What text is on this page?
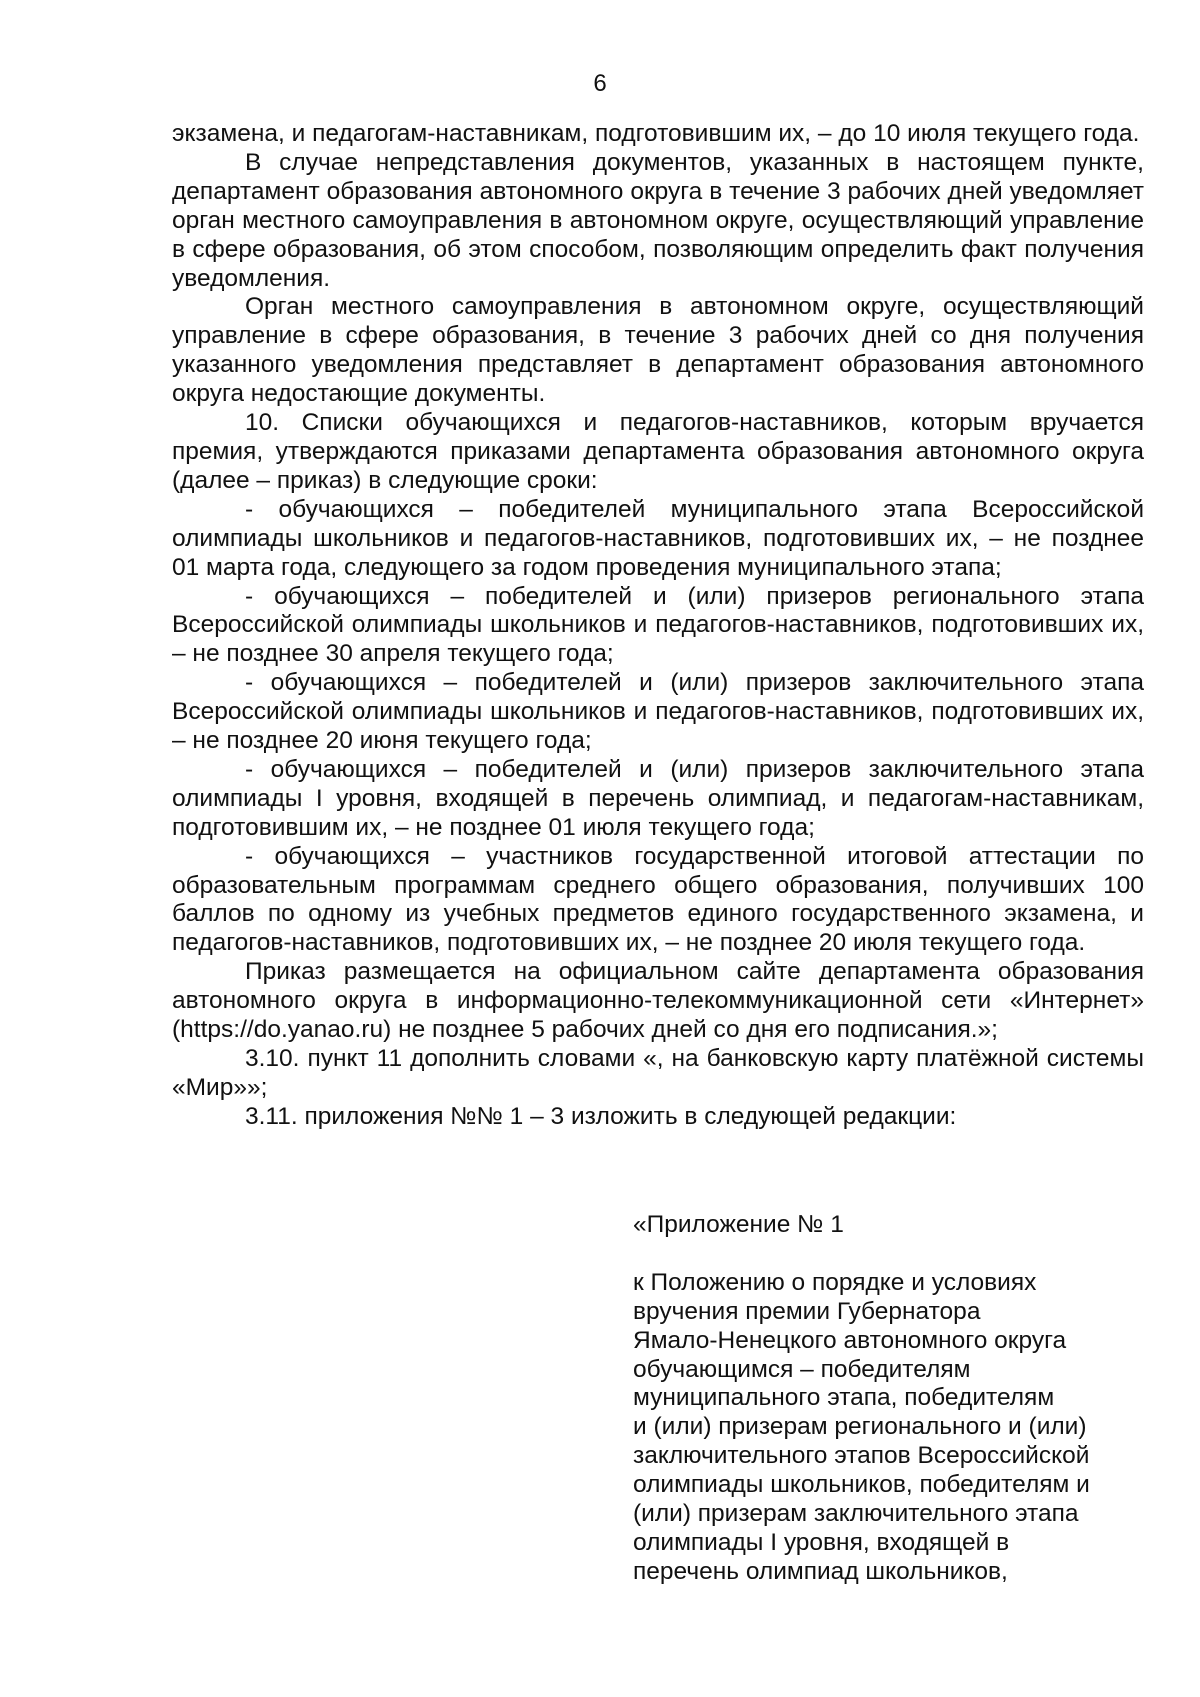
6

экзамена, и педагогам-наставникам, подготовившим их, – до 10 июля текущего года.

В случае непредставления документов, указанных в настоящем пункте, департамент образования автономного округа в течение 3 рабочих дней уведомляет орган местного самоуправления в автономном округе, осуществляющий управление в сфере образования, об этом способом, позволяющим определить факт получения уведомления.

Орган местного самоуправления в автономном округе, осуществляющий управление в сфере образования, в течение 3 рабочих дней со дня получения указанного уведомления представляет в департамент образования автономного округа недостающие документы.

10. Списки обучающихся и педагогов-наставников, которым вручается премия, утверждаются приказами департамента образования автономного округа (далее – приказ) в следующие сроки:

- обучающихся – победителей муниципального этапа Всероссийской олимпиады школьников и педагогов-наставников, подготовивших их, – не позднее 01 марта года, следующего за годом проведения муниципального этапа;

- обучающихся – победителей и (или) призеров регионального этапа Всероссийской олимпиады школьников и педагогов-наставников, подготовивших их, – не позднее 30 апреля текущего года;

- обучающихся – победителей и (или) призеров заключительного этапа Всероссийской олимпиады школьников и педагогов-наставников, подготовивших их, – не позднее 20 июня текущего года;

- обучающихся – победителей и (или) призеров заключительного этапа олимпиады I уровня, входящей в перечень олимпиад, и педагогам-наставникам, подготовившим их, – не позднее 01 июля текущего года;

- обучающихся – участников государственной итоговой аттестации по образовательным программам среднего общего образования, получивших 100 баллов по одному из учебных предметов единого государственного экзамена, и педагогов-наставников, подготовивших их, – не позднее 20 июля текущего года.

Приказ размещается на официальном сайте департамента образования автономного округа в информационно-телекоммуникационной сети «Интернет» (https://do.yanao.ru) не позднее 5 рабочих дней со дня его подписания.»;

3.10. пункт 11 дополнить словами «, на банковскую карту платёжной системы «Мир»»;

3.11. приложения №№ 1 – 3 изложить в следующей редакции:

«Приложение № 1

к Положению о порядке и условиях

вручения премии Губернатора

Ямало-Ненецкого автономного округа

обучающимся – победителям

муниципального этапа, победителям

и (или) призерам регионального и (или)

заключительного этапов Всероссийской

олимпиады школьников, победителям и

(или) призерам заключительного этапа

олимпиады I уровня, входящей в

перечень олимпиад школьников,
